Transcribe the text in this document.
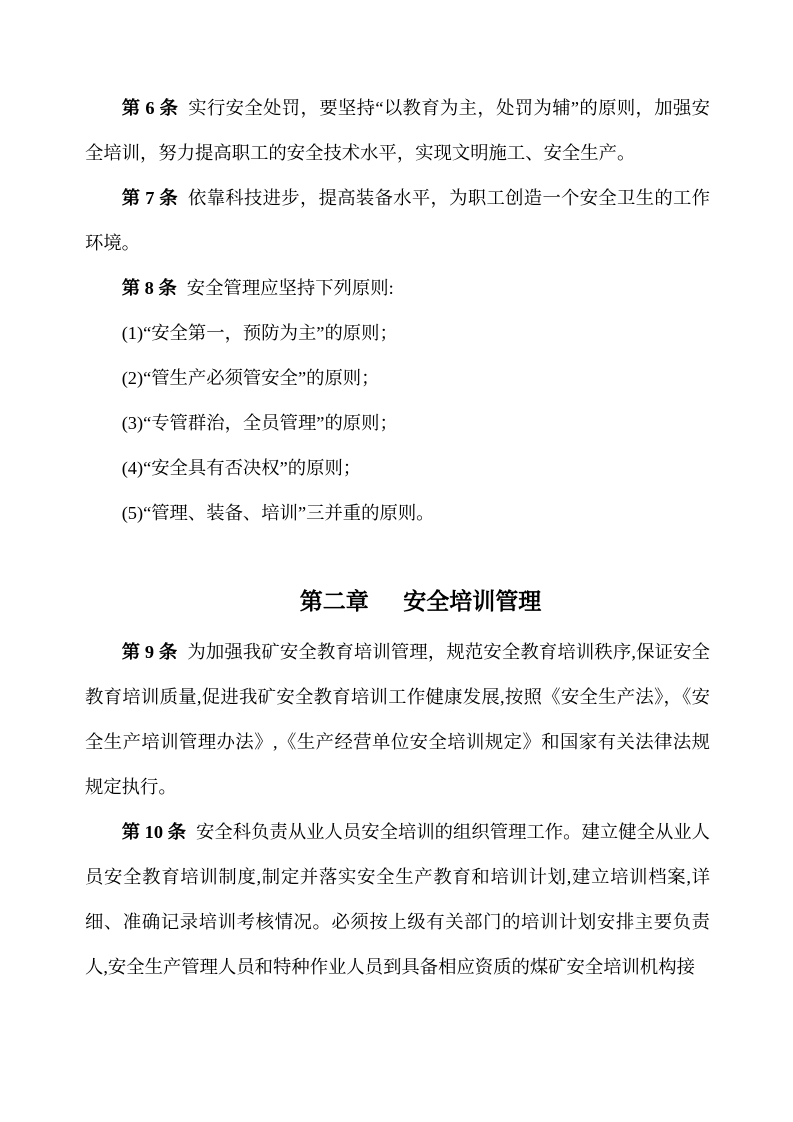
第 6 条 实行安全处罚，要坚持“以教育为主，处罚为辅”的原则，加强安全培训，努力提高职工的安全技术水平，实现文明施工、安全生产。

第 7 条 依靠科技进步，提高装备水平，为职工创造一个安全卫生的工作环境。

第 8 条 安全管理应坚持下列原则:

(1)“安全第一，预防为主”的原则；

(2)“管生产必须管安全”的原则；

(3)“专管群治，全员管理”的原则；

(4)“安全具有否决权”的原则；

(5)“管理、装备、培训”三并重的原则。

第二章 安全培训管理

第 9 条 为加强我矿安全教育培训管理，规范安全教育培训秩序,保证安全教育培训质量,促进我矿安全教育培训工作健康发展,按照《安全生产法》，《安全生产培训管理办法》,《生产经营单位安全培训规定》和国家有关法律法规规定执行。

第 10 条 安全科负责从业人员安全培训的组织管理工作。建立健全从业人员安全教育培训制度,制定并落实安全生产教育和培训计划,建立培训档案,详细、准确记录培训考核情况。必须按上级有关部门的培训计划安排主要负责人,安全生产管理人员和特种作业人员到具备相应资质的煤矿安全培训机构接
